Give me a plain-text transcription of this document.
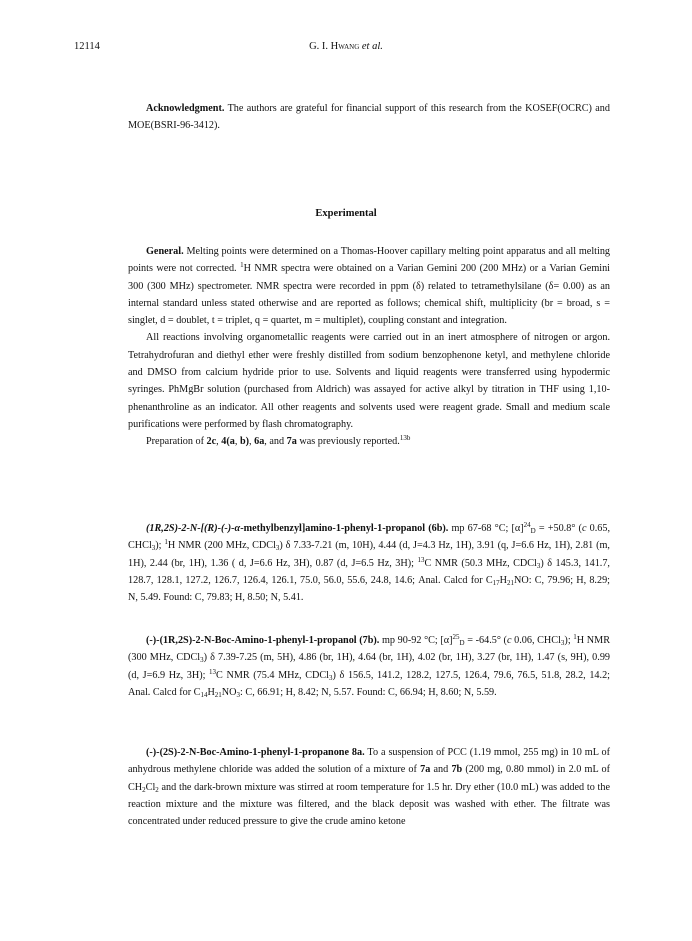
12114	G. I. Hwang et al.

Acknowledgment. The authors are grateful for financial support of this research from the KOSEF(OCRC) and MOE(BSRI-96-3412).

Experimental

General. Melting points were determined on a Thomas-Hoover capillary melting point apparatus and all melting points were not corrected. $^1$H NMR spectra were obtained on a Varian Gemini 200 (200 MHz) or a Varian Gemini 300 (300 MHz) spectrometer. NMR spectra were recorded in ppm (δ) related to tetramethylsilane (δ= 0.00) as an internal standard unless stated otherwise and are reported as follows; chemical shift, multiplicity (br = broad, s = singlet, d = doublet, t = triplet, q = quartet, m = multiplet), coupling constant and integration.

All reactions involving organometallic reagents were carried out in an inert atmosphere of nitrogen or argon. Tetrahydrofuran and diethyl ether were freshly distilled from sodium benzophenone ketyl, and methylene chloride and DMSO from calcium hydride prior to use. Solvents and liquid reagents were transferred using hypodermic syringes. PhMgBr solution (purchased from Aldrich) was assayed for active alkyl by titration in THF using 1,10-phenanthroline as an indicator. All other reagents and solvents used were reagent grade. Small and medium scale purifications were performed by flash chromatography.

Preparation of 2c, 4(a, b), 6a, and 7a was previously reported.$^{13b}$

(1R,2S)-2-N-[(R)-(-)-α-methylbenzyl]amino-1-phenyl-1-propanol (6b). mp 67-68 °C; $[\alpha]^{24}_D = +50.8^\circ$ (c 0.65, CHCl$_3$); $^1$H NMR (200 MHz, CDCl$_3$) δ 7.33-7.21 (m, 10H), 4.44 (d, J=4.3 Hz, 1H), 3.91 (q, J=6.6 Hz, 1H), 2.81 (m, 1H), 2.44 (br, 1H), 1.36 ( d, J=6.6 Hz, 3H), 0.87 (d, J=6.5 Hz, 3H); $^{13}$C NMR (50.3 MHz, CDCl$_3$) δ 145.3, 141.7, 128.7, 128.1, 127.2, 126.7, 126.4, 126.1, 75.0, 56.0, 55.6, 24.8, 14.6; Anal. Calcd for $C_{17}H_{21}NO$: C, 79.96; H, 8.29; N, 5.49. Found: C, 79.83; H, 8.50; N, 5.41.

(-)-(1R,2S)-2-N-Boc-Amino-1-phenyl-1-propanol (7b). mp 90-92 °C; $[\alpha]^{25}_D = -64.5^\circ$ (c 0.06, CHCl$_3$); $^1$H NMR (300 MHz, CDCl$_3$) δ 7.39-7.25 (m, 5H), 4.86 (br, 1H), 4.64 (br, 1H), 4.02 (br, 1H), 3.27 (br, 1H), 1.47 (s, 9H), 0.99 (d, J=6.9 Hz, 3H); $^{13}$C NMR (75.4 MHz, CDCl$_3$) δ 156.5, 141.2, 128.2, 127.5, 126.4, 79.6, 76.5, 51.8, 28.2, 14.2; Anal. Calcd for $C_{14}H_{21}NO_3$: C, 66.91; H, 8.42; N, 5.57. Found: C, 66.94; H, 8.60; N, 5.59.

(-)-(2S)-2-N-Boc-Amino-1-phenyl-1-propanone 8a. To a suspension of PCC (1.19 mmol, 255 mg) in 10 mL of anhydrous methylene chloride was added the solution of a mixture of 7a and 7b (200 mg, 0.80 mmol) in 2.0 mL of $CH_2Cl_2$ and the dark-brown mixture was stirred at room temperature for 1.5 hr. Dry ether (10.0 mL) was added to the reaction mixture and the mixture was filtered, and the black deposit was washed with ether. The filtrate was concentrated under reduced pressure to give the crude amino ketone
